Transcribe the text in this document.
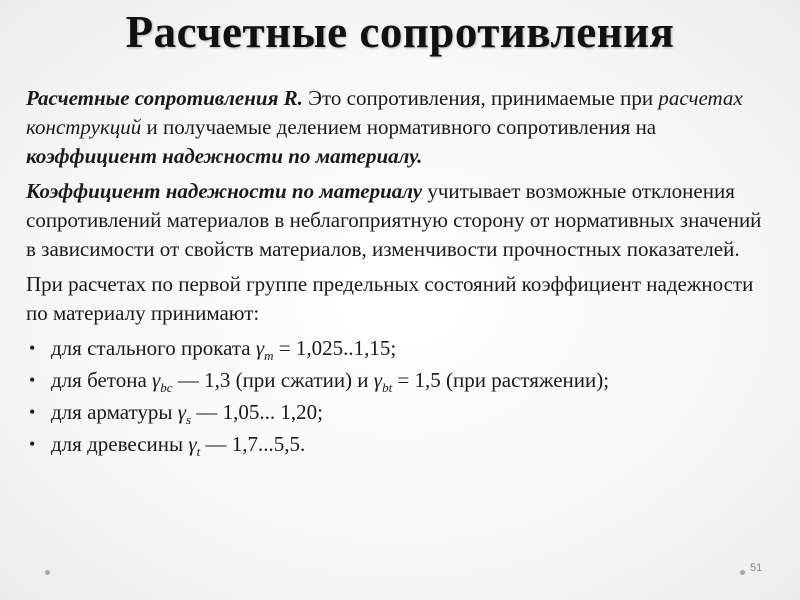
Расчетные сопротивления

Расчетные сопротивления R. Это сопротивления, принимаемые при расчетах конструкций и получаемые делением нормативного сопротивления на коэффициент надежности по материалу.

Коэффициент надежности по материалу учитывает возможные отклонения сопротивлений материалов в неблагоприятную сторону от нормативных значений в зависимости от свойств материалов, изменчивости прочностных показателей.

При расчетах по первой группе предельных состояний коэффициент надежности по материалу принимают:

• для стального проката $\gamma_m = 1,025..1,15$;
• для бетона $\gamma_{bc}$ — 1,3 (при сжатии) и $\gamma_{bt} = 1,5$ (при растяжении);
• для арматуры $\gamma_s$ — 1,05... 1,20;
• для древесины $\gamma_t$ — 1,7...5,5.
51
